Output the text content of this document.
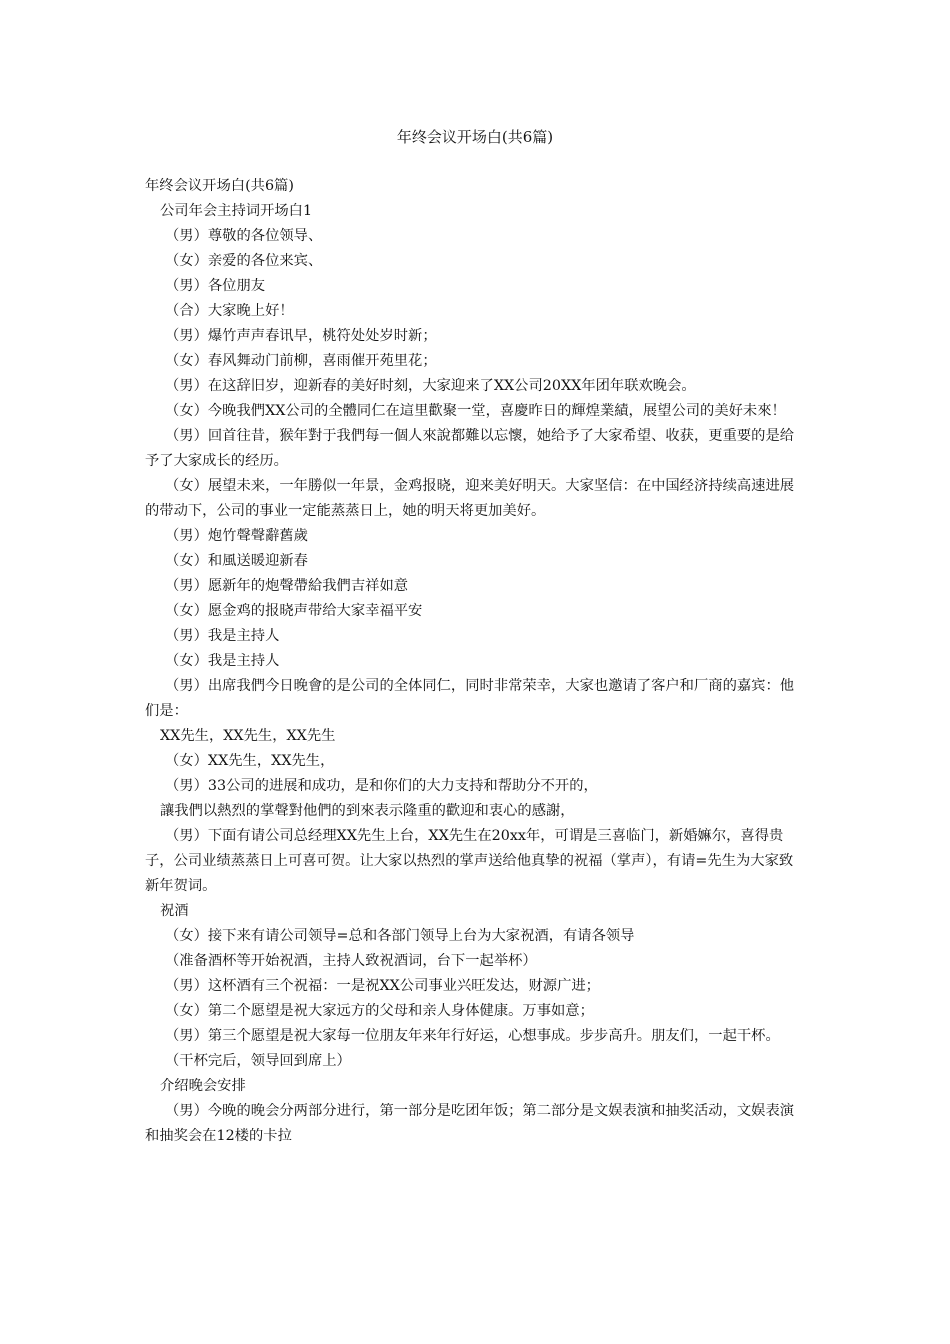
年终会议开场白(共6篇)

年终会议开场白(共6篇)

公司年会主持词开场白1

（男）尊敬的各位领导、

（女）亲爱的各位来宾、

（男）各位朋友

（合）大家晚上好！

（男）爆竹声声春讯早，桃符处处岁时新；

（女）春风舞动门前柳，喜雨催开苑里花；

（男）在这辞旧岁，迎新春的美好时刻，大家迎来了XX公司20XX年团年联欢晚会。

（女）今晚我們XX公司的全體同仁在這里歡聚一堂，喜慶昨日的輝煌業績，展望公司的美好未來！

（男）回首往昔，猴年對于我們每一個人來說都難以忘懷，她给予了大家希望、收获，更重要的是给予了大家成长的经历。

（女）展望未来，一年勝似一年景，金鸡报晓，迎来美好明天。大家坚信：在中国经济持续高速进展的带动下，公司的事业一定能蒸蒸日上，她的明天将更加美好。

（男）炮竹聲聲辭舊歲

（女）和風送暖迎新春

（男）愿新年的炮聲帶給我們吉祥如意

（女）愿金鸡的报晓声带给大家幸福平安

（男）我是主持人

（女）我是主持人

（男）出席我們今日晚會的是公司的全体同仁，同时非常荣幸，大家也邀请了客户和厂商的嘉宾：他们是：

XX先生，XX先生，XX先生

（女）XX先生，XX先生，

（男）33公司的进展和成功，是和你们的大力支持和帮助分不开的，

讓我們以熱烈的掌聲對他們的到來表示隆重的歡迎和衷心的感謝，

（男）下面有请公司总经理XX先生上台，XX先生在20xx年，可谓是三喜临门，新婚嫲尔，喜得贵子，公司业绩蒸蒸日上可喜可贺。让大家以热烈的掌声送给他真挚的祝福（掌声），有请=先生为大家致新年贺词。

祝酒

（女）接下来有请公司领导=总和各部门领导上台为大家祝酒，有请各领导

（准备酒杯等开始祝酒，主持人致祝酒词，台下一起举杯）

（男）这杯酒有三个祝福：一是祝XX公司事业兴旺发达，财源广进；

（女）第二个愿望是祝大家远方的父母和亲人身体健康。万事如意；

（男）第三个愿望是祝大家每一位朋友年来年行好运，心想事成。步步高升。朋友们，一起干杯。

（干杯完后，领导回到席上）

介绍晚会安排

（男）今晚的晚会分两部分进行，第一部分是吃团年饭；第二部分是文娱表演和抽奖活动，文娱表演和抽奖会在12楼的卡拉
